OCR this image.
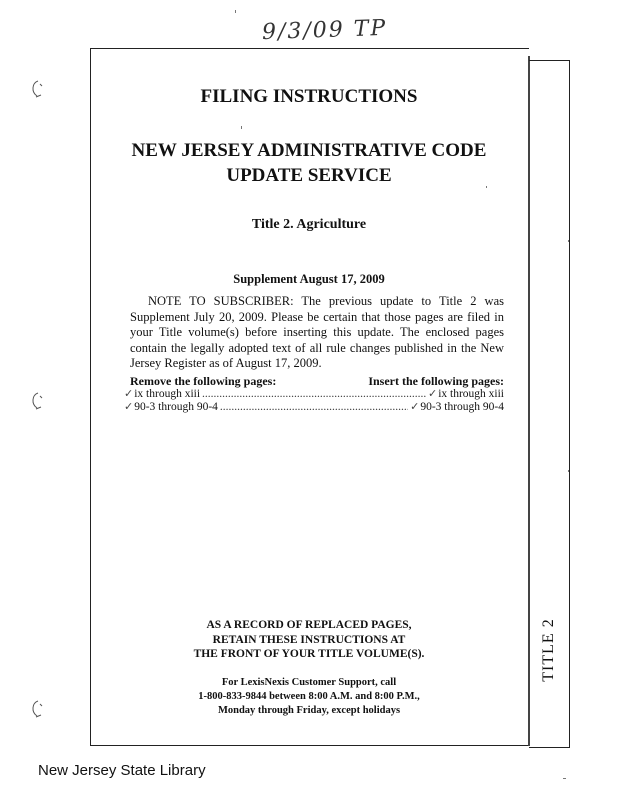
9/3/09 TP
TITLE 2
FILING INSTRUCTIONS
NEW JERSEY ADMINISTRATIVE CODE
UPDATE SERVICE
Title 2. Agriculture
Supplement August 17, 2009
NOTE TO SUBSCRIBER: The previous update to Title 2 was Supplement July 20, 2009. Please be certain that those pages are filed in your Title volume(s) before inserting this update. The enclosed pages contain the legally adopted text of all rule changes published in the New Jersey Register as of August 17, 2009.
Remove the following pages:	Insert the following pages:
✓ ix through xiii .....	✓ ix through xiii
✓ 90-3 through 90-4 .....	✓ 90-3 through 90-4
AS A RECORD OF REPLACED PAGES,
RETAIN THESE INSTRUCTIONS AT
THE FRONT OF YOUR TITLE VOLUME(S).
For LexisNexis Customer Support, call
1-800-833-9844 between 8:00 A.M. and 8:00 P.M.,
Monday through Friday, except holidays
New Jersey State Library
